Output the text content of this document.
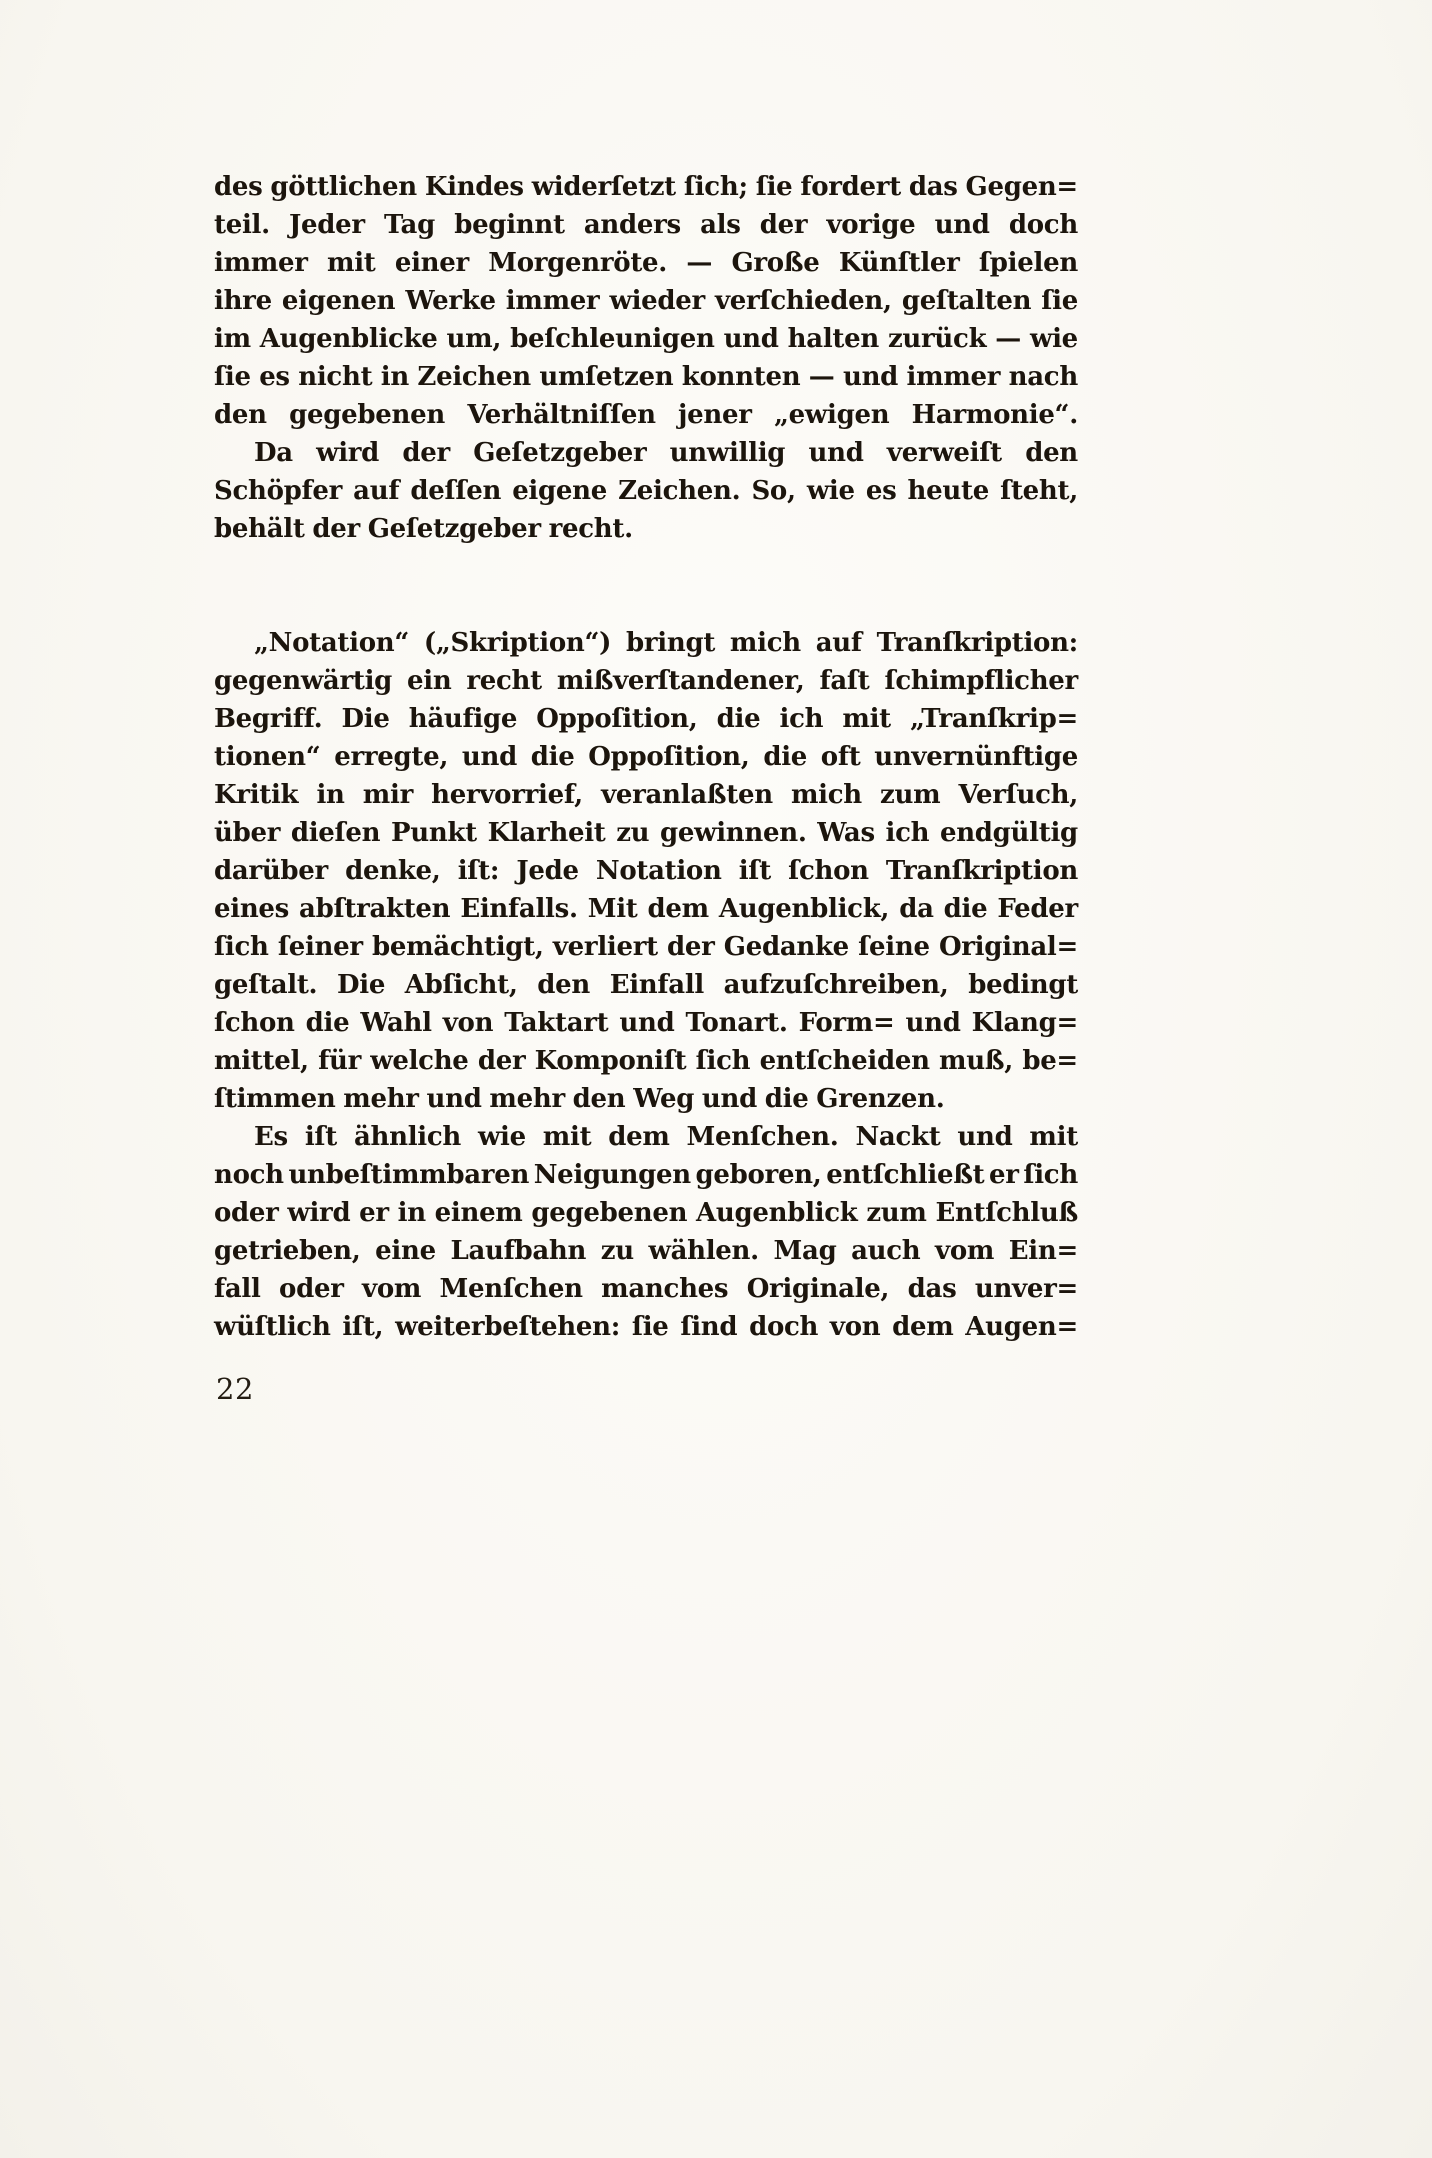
des göttlichen Kindes widerſetzt ſich; ſie fordert das Gegen=
teil. Jeder Tag beginnt anders als der vorige und doch
immer mit einer Morgenröte. — Große Künſtler ſpielen
ihre eigenen Werke immer wieder verſchieden, geſtalten ſie
im Augenblicke um, beſchleunigen und halten zurück — wie
ſie es nicht in Zeichen umſetzen konnten — und immer nach
den gegebenen Verhältniſſen jener „ewigen Harmonie“.
Da wird der Geſetzgeber unwillig und verweiſt den
Schöpfer auf deſſen eigene Zeichen. So, wie es heute ſteht,
behält der Geſetzgeber recht.
„Notation“ („Skription“) bringt mich auf Tranſkription:
gegenwärtig ein recht mißverſtandener, faſt ſchimpflicher
Begriff. Die häufige Oppoſition, die ich mit „Tranſkrip=
tionen“ erregte, und die Oppoſition, die oft unvernünftige
Kritik in mir hervorrief, veranlaßten mich zum Verſuch,
über dieſen Punkt Klarheit zu gewinnen. Was ich endgültig
darüber denke, iſt: Jede Notation iſt ſchon Tranſkription
eines abſtrakten Einfalls. Mit dem Augenblick, da die Feder
ſich ſeiner bemächtigt, verliert der Gedanke ſeine Original=
geſtalt. Die Abſicht, den Einfall aufzuſchreiben, bedingt
ſchon die Wahl von Taktart und Tonart. Form= und Klang=
mittel, für welche der Komponiſt ſich entſcheiden muß, be=
ſtimmen mehr und mehr den Weg und die Grenzen.
Es iſt ähnlich wie mit dem Menſchen. Nackt und mit
noch unbeſtimmbaren Neigungen geboren, entſchließt er ſich
oder wird er in einem gegebenen Augenblick zum Entſchluß
getrieben, eine Laufbahn zu wählen. Mag auch vom Ein=
fall oder vom Menſchen manches Originale, das unver=
wüſtlich iſt, weiterbeſtehen: ſie ſind doch von dem Augen=
22
